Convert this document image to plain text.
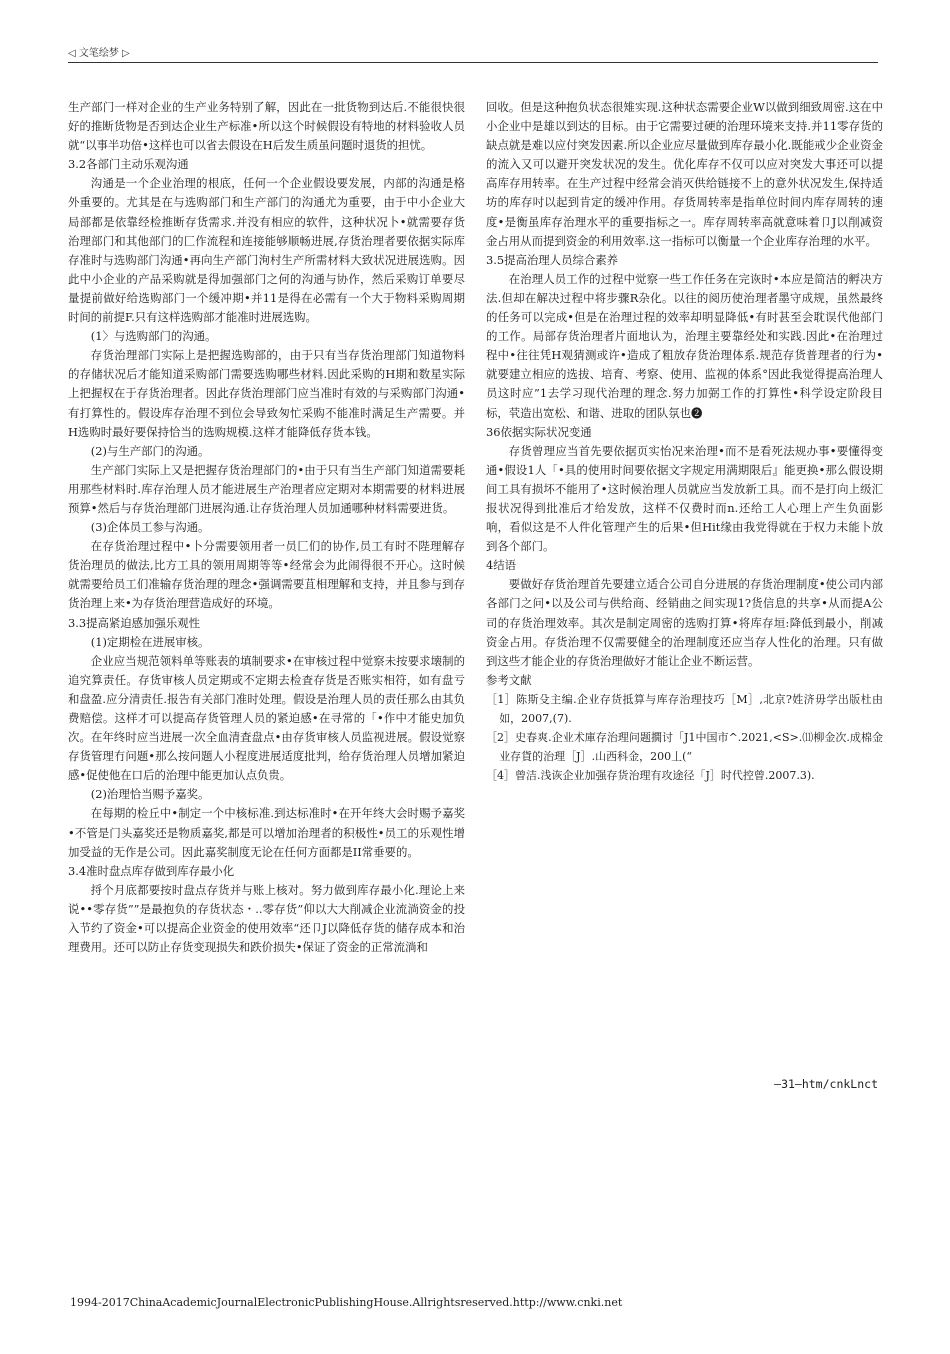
◁ 文笔绘梦 ▷

生产部门一样对企业的生产业务特别了解，因此在一批货物到达后.不能很快很好的推断货物是否到达企业生产标准•所以这个时候假设有特地的材料验收人员就“以事半功倍•这样也可以省去假设在H后发生质虽问题时退货的担忧。

3.2各部门主动乐观沟通

沟通是一个企业治理的根底，任何一个企业假设要发展，内部的沟通是格外重要的。尤其是在与选购部门和生产部门的沟通尤为重要，由于中小企业大局部都是依靠经检推断存货需求.并没有相应的软件，这种状况卜•就需要存货治理部门和其他部门的匚作流程和连接能够顺畅进展,存货治理者要依据实际库存准时与选购部门沟通•再向生产部门洵村生产所需材料大致状况进展选购。因此中小企业的产品采购就是得加强部门之何的沟通与协作，然后采购订单要尽量提前做好给选购部门一个缓冲期•并11是得在必需有一个大于物料采购周期时间的前提F.只有这样选购部才能准时进展选购。

(1〉与选购部门的沟通。

存货治理部门实际上是把握选购部的，由于只有当存货治理部门知道物料的存储状况后才能知道采购部门需要选购哪些材料.因此采购的H期和数星实际上把握权在于存货治理者。因此存货治理部门应当准时有效的与采购部门沟通•有打算性的。假设库存治理不到位会导致匆忙采购不能准时满足生产需要。并H选购时最好要保持恰当的选购规模.这样才能降低存货本钱。

(2)与生产部门的沟通。

生产部门实际上又是把握存货治理部门的•由于只有当生产部门知道需要耗用那些材料时.库存治理人员才能进展生产治理者应定期对本期需要的材料进展预算•然后与存货治理部门进展沟通.让存货治理人员加通哪种材料需要进货。

(3)企体员工参与沟通。

在存货治理过程中•卜分需要领用者一员匚们的协作,员工有时不陛理解存货治理员的做法,比方工具的领用周期等等•经常会为此闹得很不开心。这时候就需要给员工们准输存货治理的理念•强调需要苴相理解和支持，并且参与到存货治理上来•为存货治理营造成好的环境。

3.3提高紧迫感加强乐观性

(1)定期检在进展审核。

企业应当规范领料单等账表的填制要求•在审核过程中觉察未按要求壊制的追究算责任。存货审核人员定期或不定期去检査存货是否账实相符，如有盘亏和盘盈.应分清责任.报告有关部门准时处理。假设是治理人员的责任那么由其负费赔偿。这样才可以提高存货管理人员的紧迫感•在寻常的「•作中才能史加负次。在年终时应当进展一次全血清査盘点•由存货审核人员监视进展。假设觉察存货管理冇问题•那么按问题人小程度进展适度批判，给存货治理人员增加紧迫感•促使他在口后的治理中能更加认点负贵。

(2)治理恰当赐予嘉奖。

在每期的检丘中•制定一个中核标准.到达标准时•在开年终大会时赐予嘉奖•不管是门头嘉奖还是物质嘉奖,都是可以增加治理者的积极性•员工的乐观性增加受益的无作是公司。因此嘉奖制度无论在任何方面都是II常垂要的。

3.4准时盘点库存做到库存最小化

捋个月底都要按时盘点存货并与账上核对。努力做到库存最小化.理论上来说••零存货””是最抱负的存货状态・..零存货”仰以大大削减企业流淌资金的投入节约了资金•可以提高企业资金的使用效率“还卩J以降低存货的储存成本和治理费用。还可以防止存货变现损失和跌价损失•保证了资金的正常流淌和

回收。但是这种抱负状态很雉实现.这种状态需要企业W以做到细致周密.这在中小企业中是雄以到达的目标。由于它需要过硬的治理环境来支持.并11零存货的缺点就是难以应付突发因素.所以企业应尽量做到库存最小化.既能戒少企业资金的流入又可以避开突发状况的发生。优化库存不仅可以应对突发大事还可以提高库存用转率。在生产过程中经常会消灭供给链接不上的意外状况发生,保持适坊的库存吋以起到肯定的缓冲作用。存货周转率是指单位时间内库存周转的速度•是衡虽库存治理水平的重要指标之一。库存周转率高就意味着卩J以削减资金占用从而提到资金的利用效率.这一指标可以衡量一个企业库存治理的水平。

3.5提高治理人员综合素养

在治理人员工作的过程中觉察一些工作任务在完诙时•本应是简洁的孵决方法.但却在解决过程中将步骤R杂化。以往的阅历使治理者墨守成规，虽然最终的任务可以完成•但是在治理过程的效率却明显降低•有时甚至会耽误代他部门的工作。局部存货治理者片面地认为，治理主要靠经处和实践.因此•在治理过程中•往往凭H观猜测或许•造成了粗放存货治理体系.规范存货普理者的行为•就要建立相应的选拔、培育、考察、使用、监视的体系°因此我觉得提高治理人员这时应”1去学习现代治理的理念.努力加弼工作的打算性•科学设定阶段目标，茕造出宽松、和谐、进取的团队氛也❷

36依据实际状况变通

存货曾理应当首先要依据页实怡况来治理•而不是看死法规办事•要懂得变通•假设1人「•具的使用时间要依据文字规定用满期限后』能更换•那么假设期间工具有损坏不能用了•这时候治理人员就应当发放新工具。而不是打向上级汇报状况得到批准后才给发放，这样不仅费时而n.还给工人心理上产生负面影响，看似这是不人件化管理产生的后果•但Hit缘由我党得就在于权力未能卜放到各个部门。

4结语

要做好存货治理首先要建立适合公司自分进展的存货治理制度•使公司内部各部门之问•以及公司与供给商、经销曲之间实现1?货信息的共享•从而提A公司的存货治理效率。其次是制定周密的选购打算•将库存垣:降低到最小，削减资金占用。存货治理不仅需要健全的治理制度还应当存人性化的治理。只有做到这些才能企业的存货治理做好才能让企业不断运营。

参考文献

［1］陈斯殳主编.企业存货抵算与库存治理技巧［M］,北京?姓济毋学出版杜由如，2007,(7).

［2］史春爽.企业术庫存治理问题撊讨「J1中国市^.2021,<S>.⑾柳金次.成棉金业存貨的治理［J］.山西科金，200丄(“

［4］曾洁.浅诙企业加强存货治理有攻途径「J］时代控曾.2007.3).

—31—htm/cnkLnct
1994-2017ChinaAcademicJournalElectronicPublishingHouse.Allrightsreserved.http://www.cnki.net
